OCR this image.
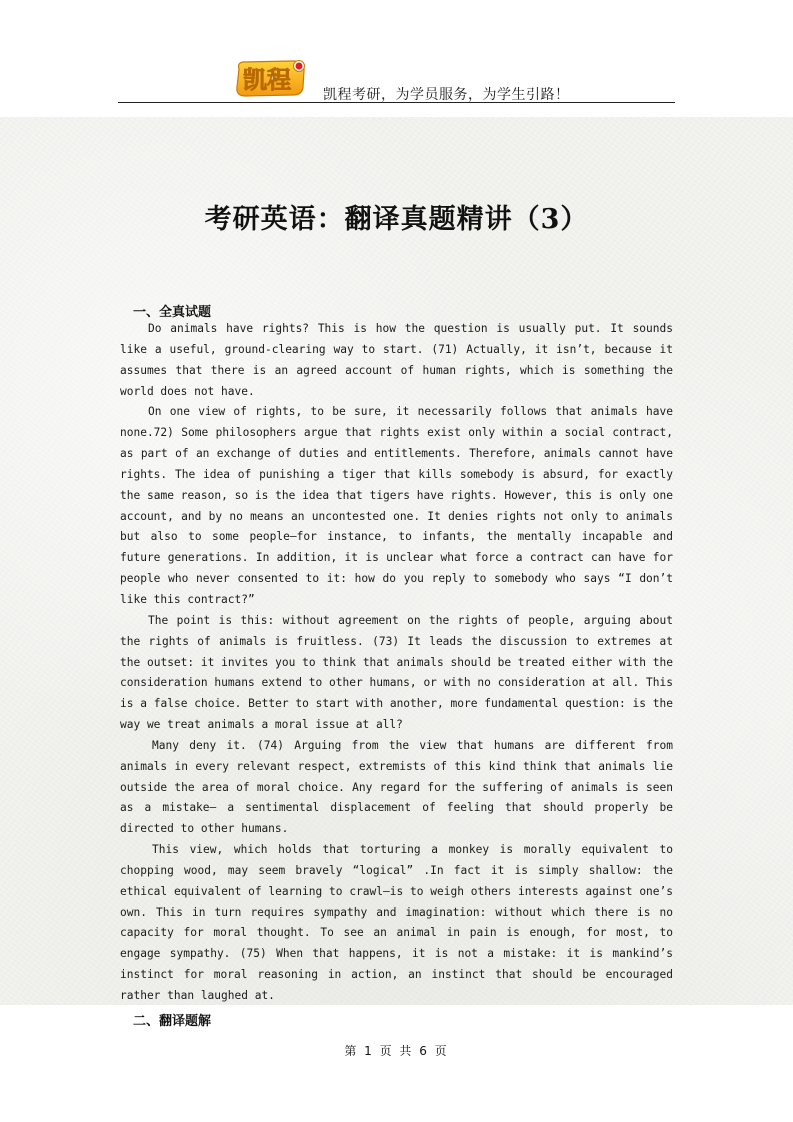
凯程
凯程考研，为学员服务，为学生引路！
考研英语：翻译真题精讲（3）
一、全真试题

Do animals have rights? This is how the question is usually put. It sounds like a useful, ground-clearing way to start. (71) Actually, it isn’t, because it assumes that there is an agreed account of human rights, which is something the world does not have.

On one view of rights, to be sure, it necessarily follows that animals have none.72) Some philosophers argue that rights exist only within a social contract, as part of an exchange of duties and entitlements. Therefore, animals cannot have rights. The idea of punishing a tiger that kills somebody is absurd, for exactly the same reason, so is the idea that tigers have rights. However, this is only one account, and by no means an uncontested one. It denies rights not only to animals but also to some people—for instance, to infants, the mentally incapable and future generations. In addition, it is unclear what force a contract can have for people who never consented to it: how do you reply to somebody who says “I don’t like this contract?”

The point is this: without agreement on the rights of people, arguing about the rights of animals is fruitless. (73) It leads the discussion to extremes at the outset: it invites you to think that animals should be treated either with the consideration humans extend to other humans, or with no consideration at all. This is a false choice. Better to start with another, more fundamental question: is the way we treat animals a moral issue at all?

Many deny it. (74) Arguing from the view that humans are different from animals in every relevant respect, extremists of this kind think that animals lie outside the area of moral choice. Any regard for the suffering of animals is seen as a mistake— a sentimental displacement of feeling that should properly be directed to other humans.

This view, which holds that torturing a monkey is morally equivalent to chopping wood, may seem bravely “logical” .In fact it is simply shallow: the ethical equivalent of learning to crawl—is to weigh others interests against one’s own. This in turn requires sympathy and imagination: without which there is no capacity for moral thought. To see an animal in pain is enough, for most, to engage sympathy. (75) When that happens, it is not a mistake: it is mankind’s instinct for moral reasoning in action, an instinct that should be encouraged rather than laughed at.

二、翻译题解
第 1 页 共 6 页
